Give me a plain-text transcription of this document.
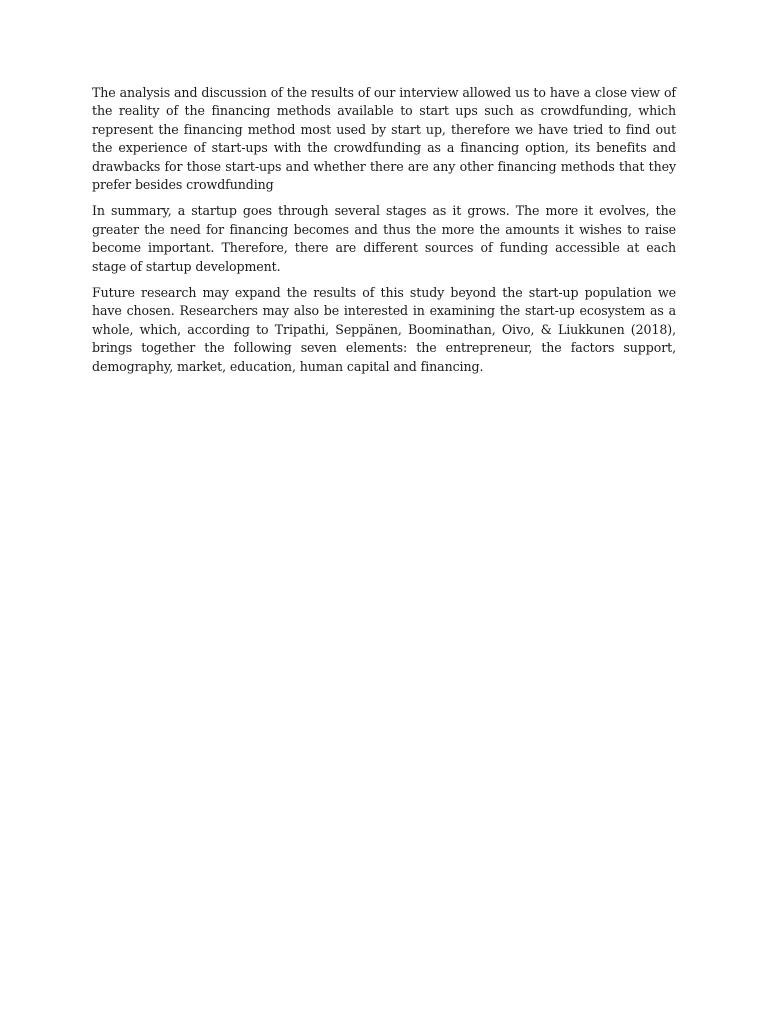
The analysis and discussion of the results of our interview allowed us to have a close view of the reality of the financing methods available to start ups such as crowdfunding, which represent the financing method most used by start up, therefore we have tried to find out the experience of start-ups with the crowdfunding as a financing option, its benefits and drawbacks for those start-ups and whether there are any other financing methods that they prefer besides crowdfunding

In summary, a startup goes through several stages as it grows. The more it evolves, the greater the need for financing becomes and thus the more the amounts it wishes to raise become important. Therefore, there are different sources of funding accessible at each stage of startup development.

Future research may expand the results of this study beyond the start-up population we have chosen. Researchers may also be interested in examining the start-up ecosystem as a whole, which, according to Tripathi, Seppänen, Boominathan, Oivo, & Liukkunen (2018), brings together the following seven elements: the entrepreneur, the factors support, demography, market, education, human capital and financing.
